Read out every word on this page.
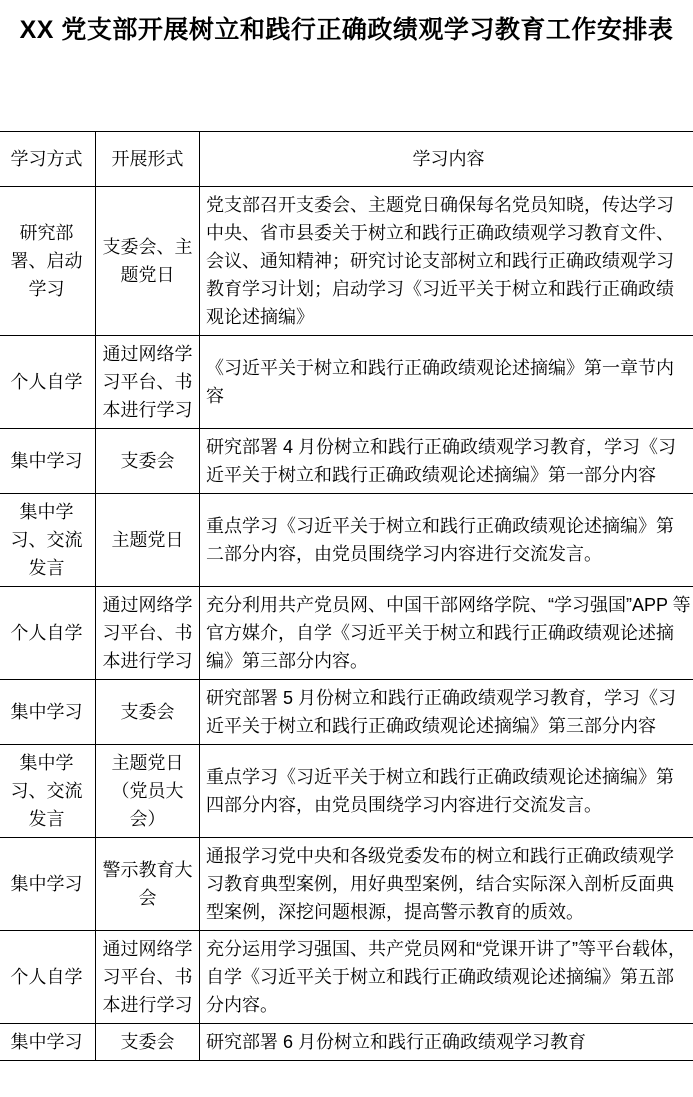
XX 党支部开展树立和践行正确政绩观学习教育工作安排表
学习方式	开展形式	学习内容
研究部署、启动学习	支委会、主题党日	党支部召开支委会、主题党日确保每名党员知晓，传达学习中央、省市县委关于树立和践行正确政绩观学习教育文件、会议、通知精神；研究讨论支部树立和践行正确政绩观学习教育学习计划；启动学习《习近平关于树立和践行正确政绩观论述摘编》
个人自学	通过网络学习平台、书本进行学习	《习近平关于树立和践行正确政绩观论述摘编》第一章节内容
集中学习	支委会	研究部署 4 月份树立和践行正确政绩观学习教育，学习《习近平关于树立和践行正确政绩观论述摘编》第一部分内容
集中学习、交流发言	主题党日	重点学习《习近平关于树立和践行正确政绩观论述摘编》第二部分内容，由党员围绕学习内容进行交流发言。
个人自学	通过网络学习平台、书本进行学习	充分利用共产党员网、中国干部网络学院、“学习强国”APP 等官方媒介，自学《习近平关于树立和践行正确政绩观论述摘编》第三部分内容。
集中学习	支委会	研究部署 5 月份树立和践行正确政绩观学习教育，学习《习近平关于树立和践行正确政绩观论述摘编》第三部分内容
集中学习、交流发言	主题党日（党员大会）	重点学习《习近平关于树立和践行正确政绩观论述摘编》第四部分内容，由党员围绕学习内容进行交流发言。
集中学习	警示教育大会	通报学习党中央和各级党委发布的树立和践行正确政绩观学习教育典型案例，用好典型案例，结合实际深入剖析反面典型案例，深挖问题根源，提高警示教育的质效。
个人自学	通过网络学习平台、书本进行学习	充分运用学习强国、共产党员网和“党课开讲了”等平台载体，自学《习近平关于树立和践行正确政绩观论述摘编》第五部分内容。
集中学习	支委会	研究部署 6 月份树立和践行正确政绩观学习教育
